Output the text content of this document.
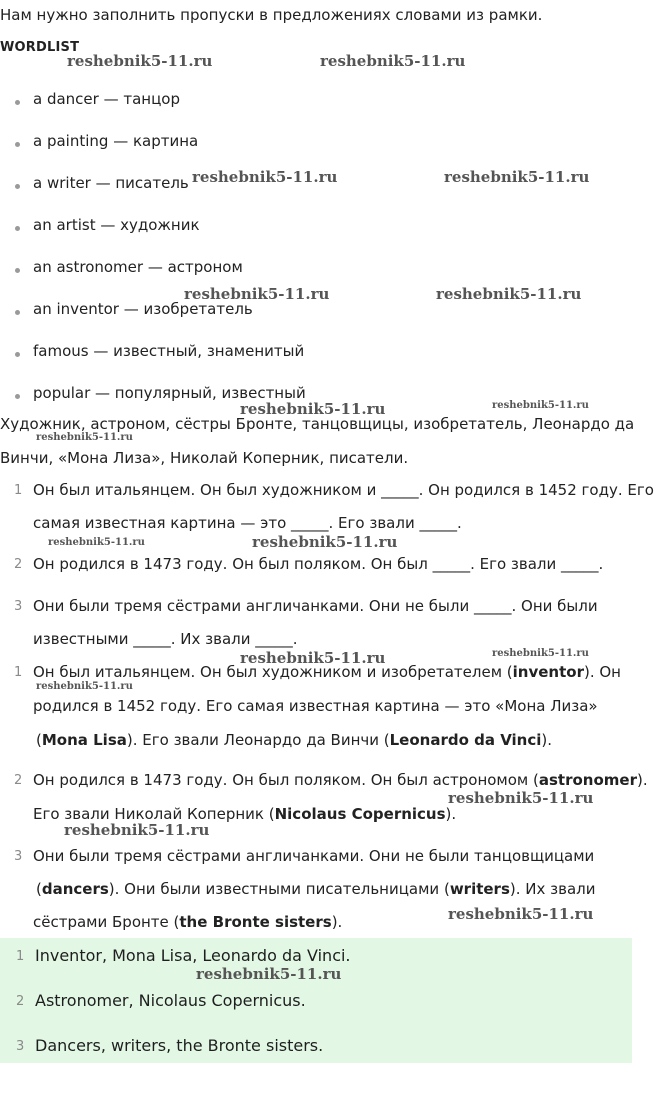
Нам нужно заполнить пропуски в предложениях словами из рамки.
WORDLIST
a dancer — танцор
a painting — картина
a writer — писатель
an artist — художник
an astronomer — астроном
an inventor — изобретатель
famous — известный, знаменитый
popular — популярный, известный
Художник, астроном, сёстры Бронте, танцовщицы, изобретатель, Леонардо да
Винчи, «Мона Лиза», Николай Коперник, писатели.
1 Он был итальянцем. Он был художником и _____. Он родился в 1452 году. Его
самая известная картина — это _____. Его звали _____.
2 Он родился в 1473 году. Он был поляком. Он был _____. Его звали _____.
3 Они были тремя сёстрами англичанками. Они не были _____. Они были
известными _____. Их звали _____.
1 Он был итальянцем. Он был художником и изобретателем (inventor). Он
родился в 1452 году. Его самая известная картина — это «Мона Лиза»
(Mona Lisa). Его звали Леонардо да Винчи (Leonardo da Vinci).
2 Он родился в 1473 году. Он был поляком. Он был астрономом (astronomer).
Его звали Николай Коперник (Nicolaus Copernicus).
3 Они были тремя сёстрами англичанками. Они не были танцовщицами
(dancers). Они были известными писательницами (writers). Их звали
сёстрами Бронте (the Bronte sisters).
1 Inventor, Mona Lisa, Leonardo da Vinci.
2 Astronomer, Nicolaus Copernicus.
3 Dancers, writers, the Bronte sisters.
reshebnik5-11.ru	reshebnik5-11.ru
reshebnik5-11.ru	reshebnik5-11.ru
reshebnik5-11.ru	reshebnik5-11.ru
reshebnik5-11.ru	reshebnik5-11.ru
reshebnik5-11.ru
reshebnik5-11.ru	reshebnik5-11.ru
reshebnik5-11.ru	reshebnik5-11.ru
reshebnik5-11.ru
reshebnik5-11.ru
reshebnik5-11.ru
reshebnik5-11.ru
reshebnik5-11.ru
